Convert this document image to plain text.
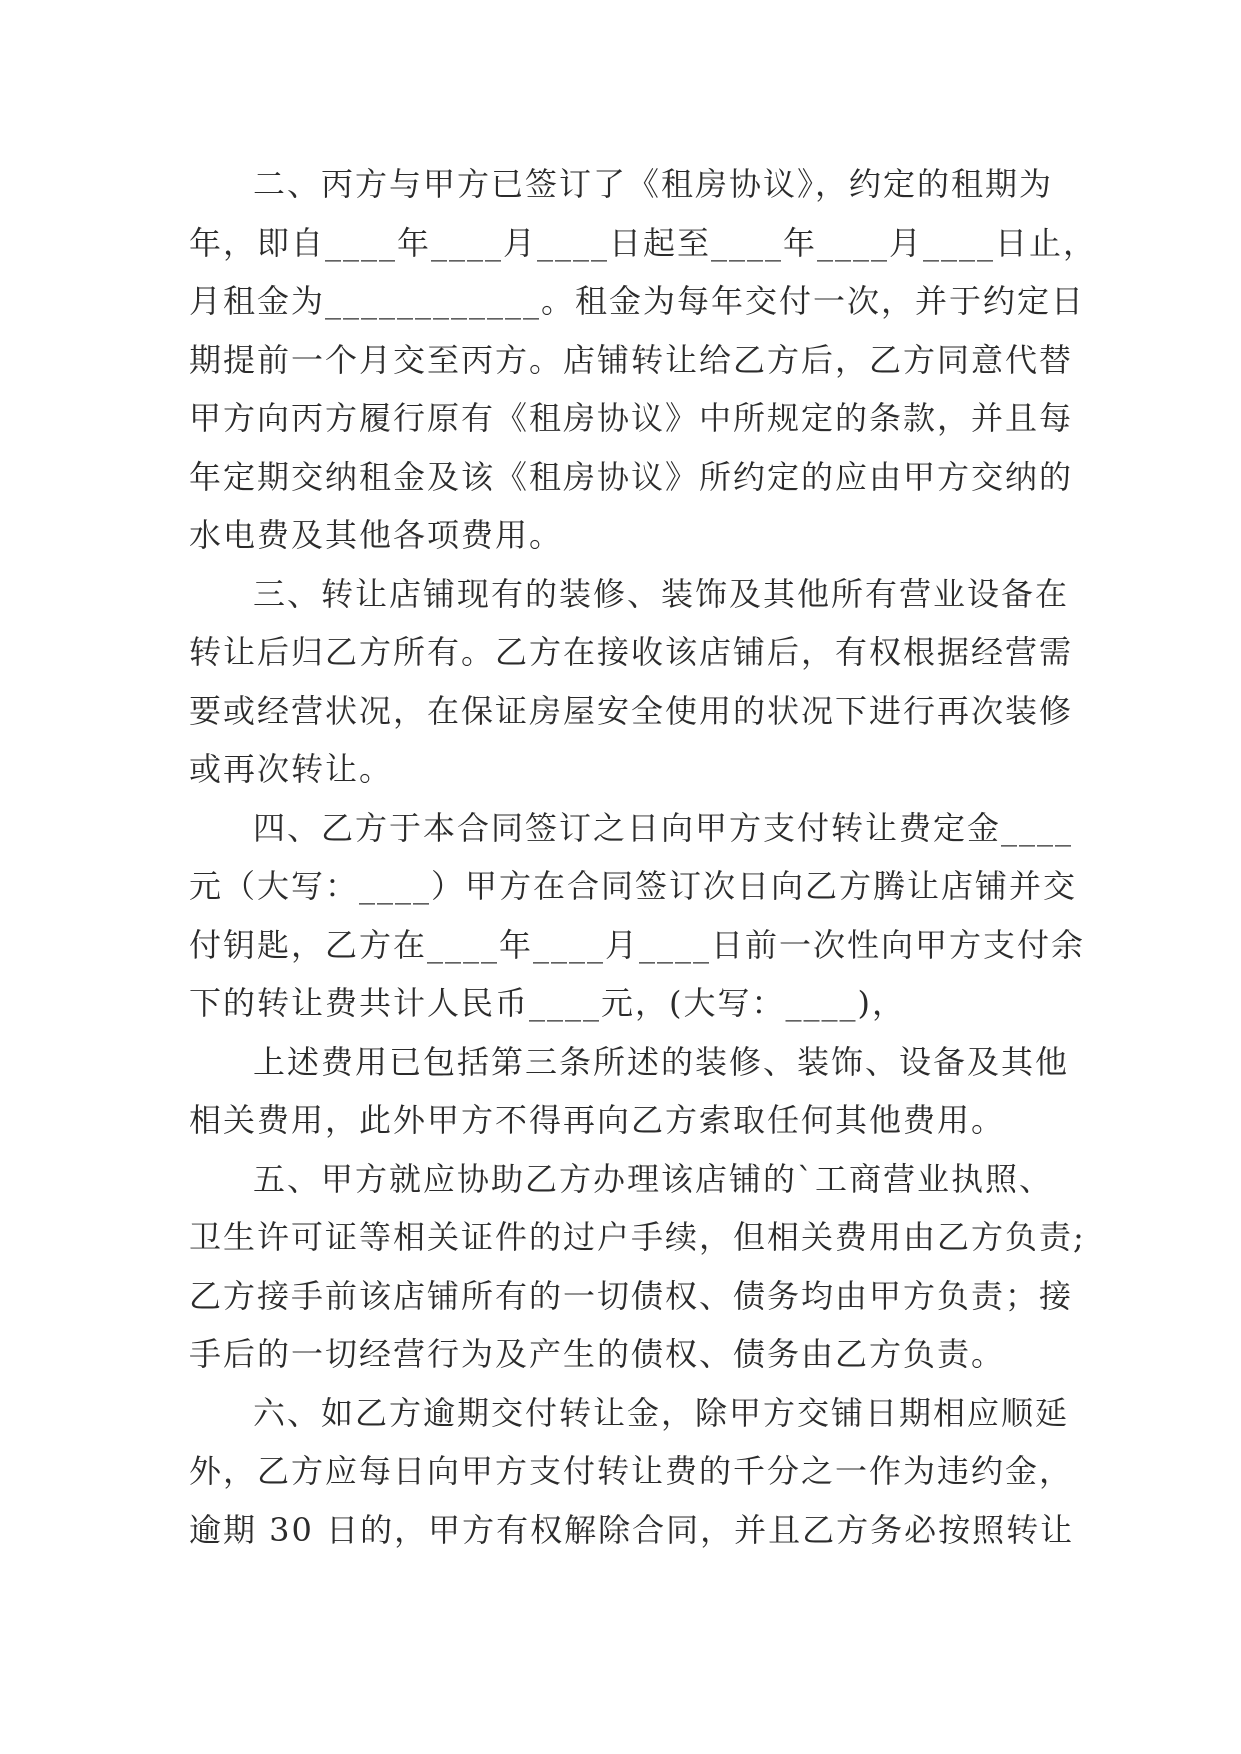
二、丙方与甲方已签订了《租房协议》，约定的租期为
年，即自____年____月____日起至____年____月____日止，
月租金为____________。租金为每年交付一次，并于约定日
期提前一个月交至丙方。店铺转让给乙方后，乙方同意代替
甲方向丙方履行原有《租房协议》中所规定的条款，并且每
年定期交纳租金及该《租房协议》所约定的应由甲方交纳的
水电费及其他各项费用。
三、转让店铺现有的装修、装饰及其他所有营业设备在
转让后归乙方所有。乙方在接收该店铺后，有权根据经营需
要或经营状况，在保证房屋安全使用的状况下进行再次装修
或再次转让。
四、乙方于本合同签订之日向甲方支付转让费定金____
元（大写：____）甲方在合同签订次日向乙方腾让店铺并交
付钥匙，乙方在____年____月____日前一次性向甲方支付余
下的转让费共计人民币____元，(大写：____)，
上述费用已包括第三条所述的装修、装饰、设备及其他
相关费用，此外甲方不得再向乙方索取任何其他费用。
五、甲方就应协助乙方办理该店铺的`工商营业执照、
卫生许可证等相关证件的过户手续，但相关费用由乙方负责;
乙方接手前该店铺所有的一切债权、债务均由甲方负责；接
手后的一切经营行为及产生的债权、债务由乙方负责。
六、如乙方逾期交付转让金，除甲方交铺日期相应顺延
外，乙方应每日向甲方支付转让费的千分之一作为违约金，
逾期 30 日的，甲方有权解除合同，并且乙方务必按照转让
